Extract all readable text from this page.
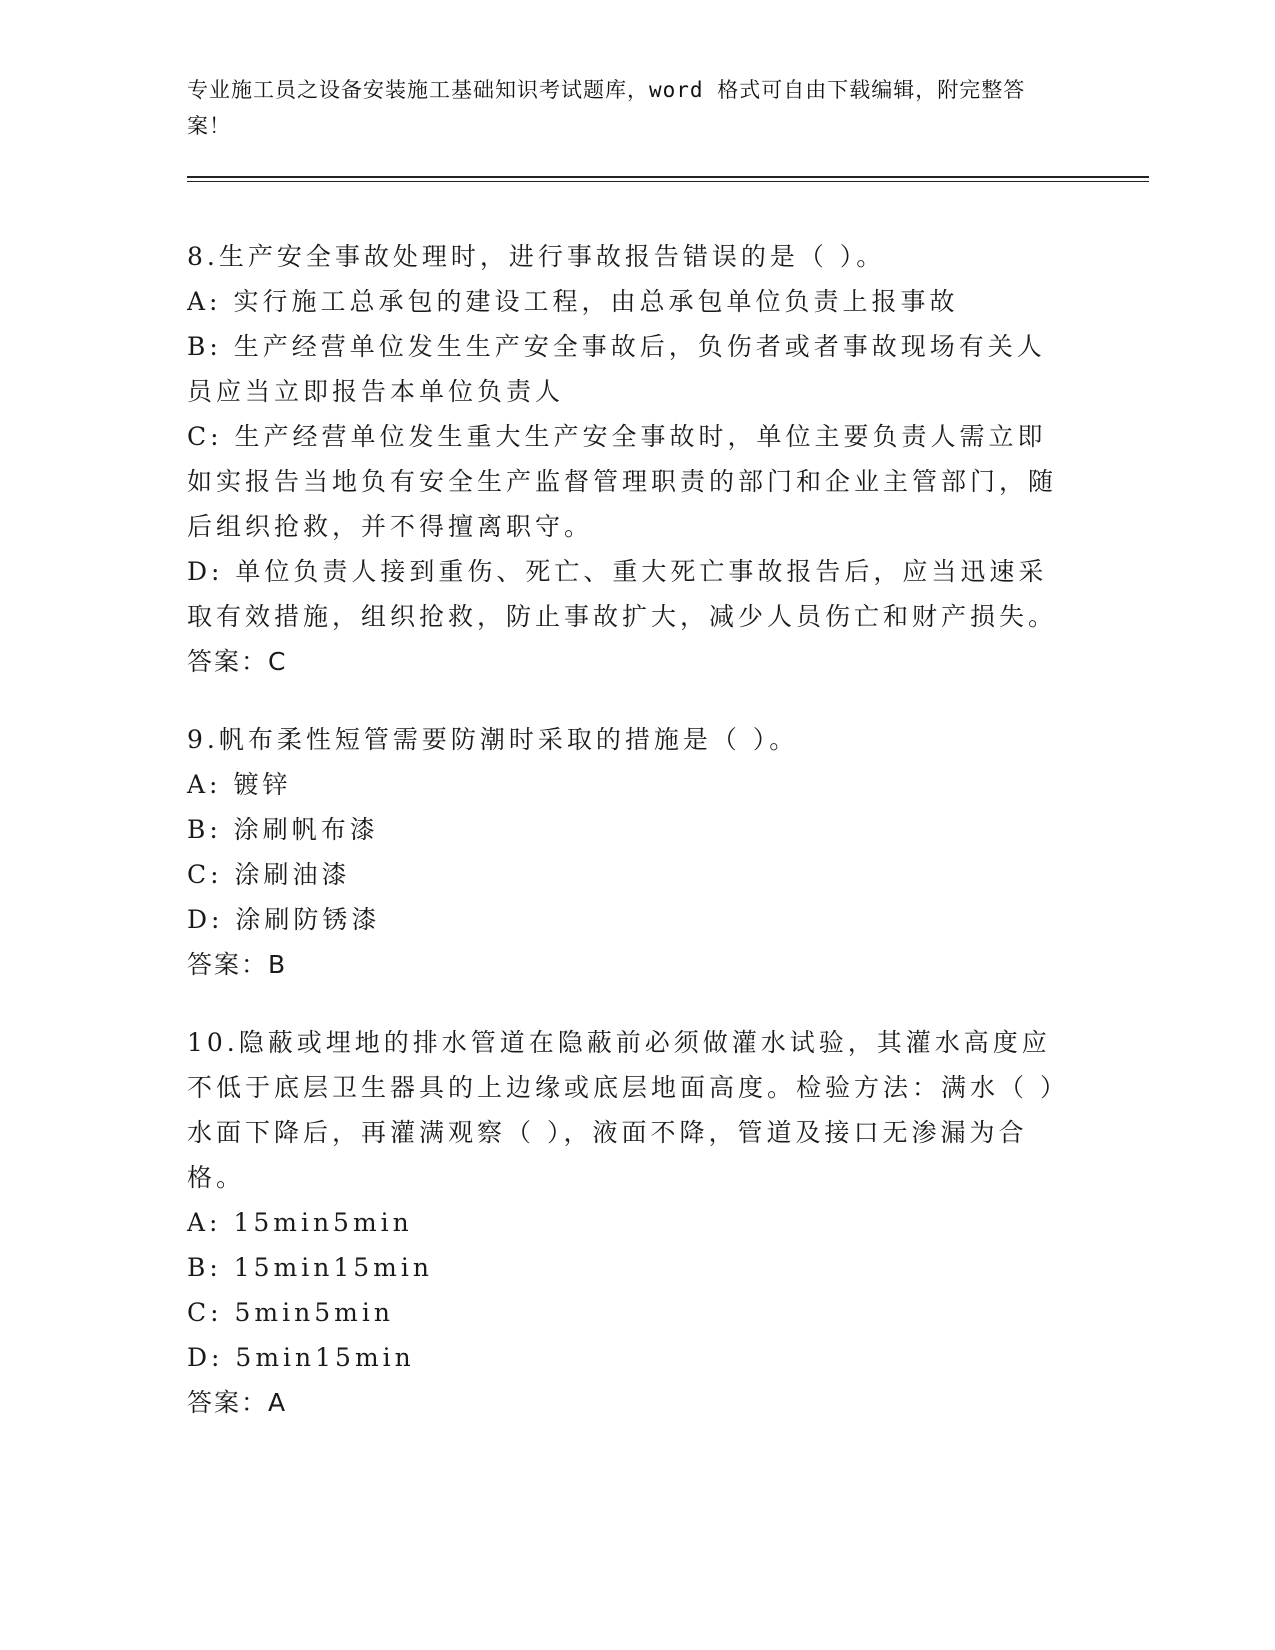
专业施工员之设备安装施工基础知识考试题库，word 格式可自由下载编辑，附完整答案！
8.生产安全事故处理时，进行事故报告错误的是（ ）。
A: 实行施工总承包的建设工程，由总承包单位负责上报事故
B: 生产经营单位发生生产安全事故后，负伤者或者事故现场有关人员应当立即报告本单位负责人
C: 生产经营单位发生重大生产安全事故时，单位主要负责人需立即如实报告当地负有安全生产监督管理职责的部门和企业主管部门，随后组织抢救，并不得擅离职守。
D: 单位负责人接到重伤、死亡、重大死亡事故报告后，应当迅速采取有效措施，组织抢救，防止事故扩大，减少人员伤亡和财产损失。
答案：C
9.帆布柔性短管需要防潮时采取的措施是（ ）。
A: 镀锌
B: 涂刷帆布漆
C: 涂刷油漆
D: 涂刷防锈漆
答案：B
10.隐蔽或埋地的排水管道在隐蔽前必须做灌水试验，其灌水高度应不低于底层卫生器具的上边缘或底层地面高度。检验方法：满水（ ）水面下降后，再灌满观察（ ），液面不降，管道及接口无渗漏为合格。
A: 15min5min
B: 15min15min
C: 5min5min
D: 5min15min
答案：A
